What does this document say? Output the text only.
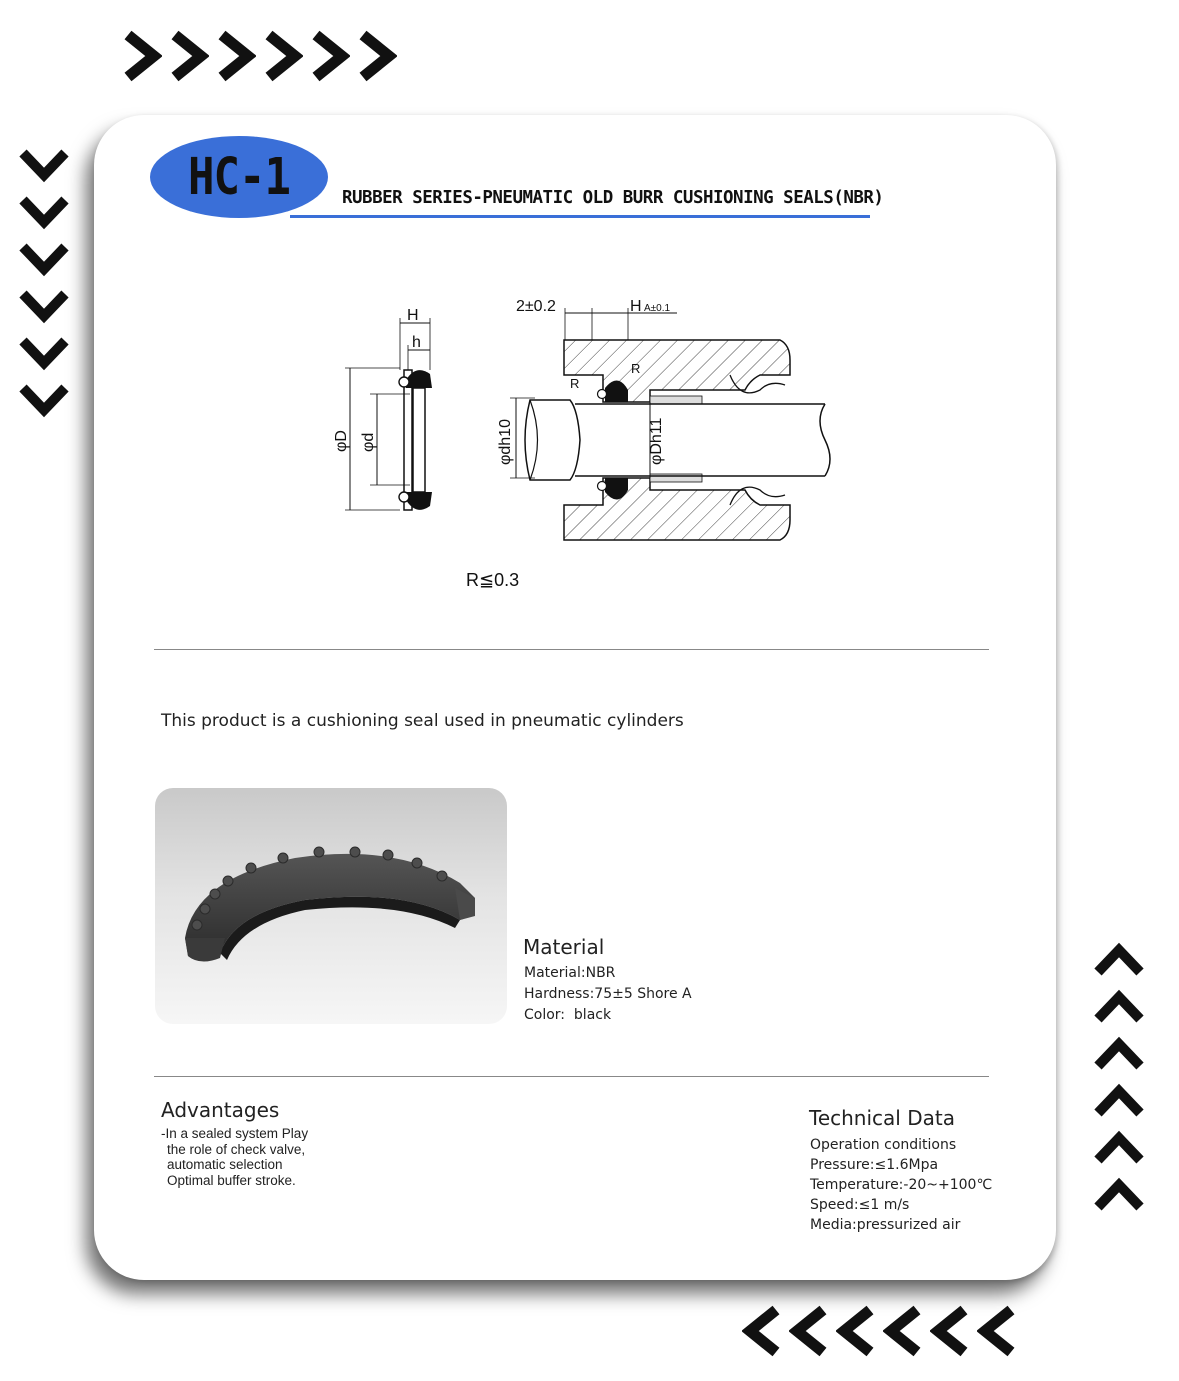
HC-1	RUBBER SERIES-PNEUMATIC OLD BURR CUSHIONING SEALS(NBR)
H
h
φD φd
2±0.2	H A±0.1
R
R
φdh10	φDh11
R≦0.3
This product is a cushioning seal used in pneumatic cylinders
Material
Material:NBR
Hardness:75±5 Shore A
Color:  black
Advantages
-In a sealed system Play
the role of check valve,
automatic selection
Optimal buffer stroke.
Technical Data
Operation conditions
Pressure:≤1.6Mpa
Temperature:-20~+100℃
Speed:≤1 m/s
Media:pressurized air
